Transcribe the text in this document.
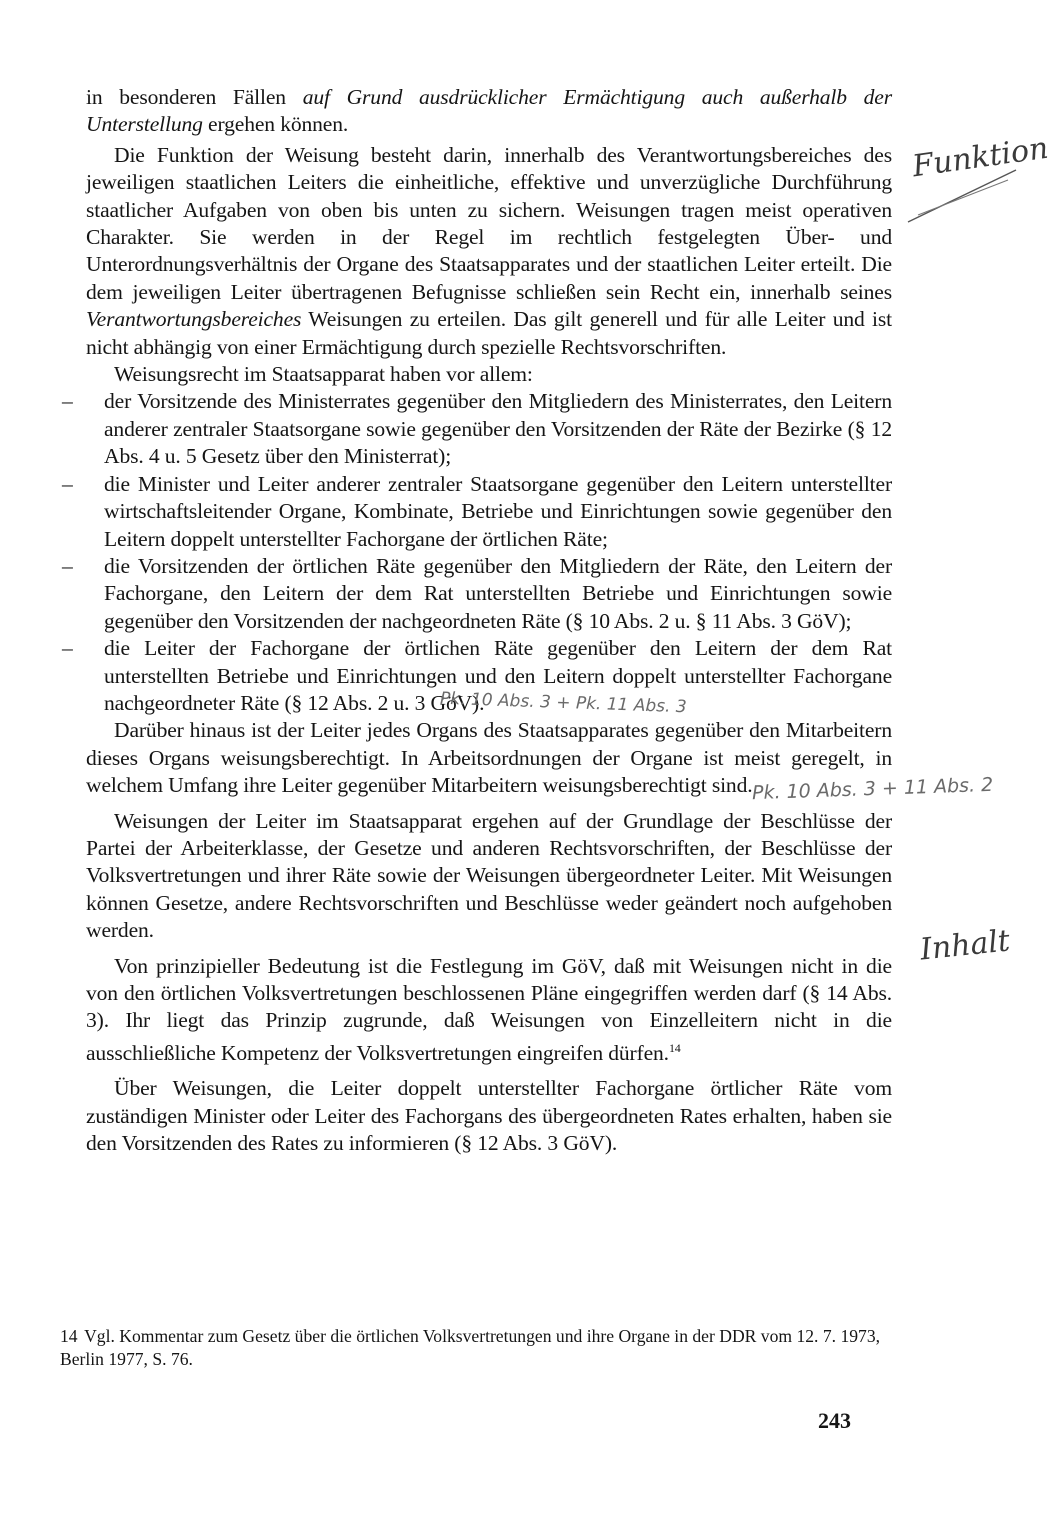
in besonderen Fällen auf Grund ausdrücklicher Ermächtigung auch außerhalb der Unterstellung ergehen können.

Die Funktion der Weisung besteht darin, innerhalb des Verantwortungsbereiches des jeweiligen staatlichen Leiters die einheitliche, effektive und unverzügliche Durchführung staatlicher Aufgaben von oben bis unten zu sichern. Weisungen tragen meist operativen Charakter. Sie werden in der Regel im rechtlich festgelegten Über- und Unterordnungsverhältnis der Organe des Staatsapparates und der staatlichen Leiter erteilt. Die dem jeweiligen Leiter übertragenen Befugnisse schließen sein Recht ein, innerhalb seines Verantwortungsbereiches Weisungen zu erteilen. Das gilt generell und für alle Leiter und ist nicht abhängig von einer Ermächtigung durch spezielle Rechtsvorschriften.

Weisungsrecht im Staatsapparat haben vor allem:

– der Vorsitzende des Ministerrates gegenüber den Mitgliedern des Ministerrates, den Leitern anderer zentraler Staatsorgane sowie gegenüber den Vorsitzenden der Räte der Bezirke (§ 12 Abs. 4 u. 5 Gesetz über den Ministerrat);
– die Minister und Leiter anderer zentraler Staatsorgane gegenüber den Leitern unterstellter wirtschaftsleitender Organe, Kombinate, Betriebe und Einrichtungen sowie gegenüber den Leitern doppelt unterstellter Fachorgane der örtlichen Räte;
– die Vorsitzenden der örtlichen Räte gegenüber den Mitgliedern der Räte, den Leitern der Fachorgane, den Leitern der dem Rat unterstellten Betriebe und Einrichtungen sowie gegenüber den Vorsitzenden der nachgeordneten Räte (§ 10 Abs. 2 u. § 11 Abs. 3 GöV);
– die Leiter der Fachorgane der örtlichen Räte gegenüber den Leitern der dem Rat unterstellten Betriebe und Einrichtungen und den Leitern doppelt unterstellter Fachorgane nachgeordneter Räte (§ 12 Abs. 2 u. 3 GöV).

Darüber hinaus ist der Leiter jedes Organs des Staatsapparates gegenüber den Mitarbeitern dieses Organs weisungsberechtigt. In Arbeitsordnungen der Organe ist meist geregelt, in welchem Umfang ihre Leiter gegenüber Mitarbeitern weisungsberechtigt sind.

Weisungen der Leiter im Staatsapparat ergehen auf der Grundlage der Beschlüsse der Partei der Arbeiterklasse, der Gesetze und anderen Rechtsvorschriften, der Beschlüsse der Volksvertretungen und ihrer Räte sowie der Weisungen übergeordneter Leiter. Mit Weisungen können Gesetze, andere Rechtsvorschriften und Beschlüsse weder geändert noch aufgehoben werden.

Von prinzipieller Bedeutung ist die Festlegung im GöV, daß mit Weisungen nicht in die von den örtlichen Volksvertretungen beschlossenen Pläne eingegriffen werden darf (§ 14 Abs. 3). Ihr liegt das Prinzip zugrunde, daß Weisungen von Einzelleitern nicht in die ausschließliche Kompetenz der Volksvertretungen eingreifen dürfen.$^{14}$

Über Weisungen, die Leiter doppelt unterstellter Fachorgane örtlicher Räte vom zuständigen Minister oder Leiter des Fachorgans des übergeordneten Rates erhalten, haben sie den Vorsitzenden des Rates zu informieren (§ 12 Abs. 3 GöV).

Funktion
Inhalt
Pk. 10 Abs. 3 + Pk. 11 Abs. 3
Pk. 10 Abs. 3 + 11 Abs. 2
14 Vgl. Kommentar zum Gesetz über die örtlichen Volksvertretungen und ihre Organe in der DDR vom 12. 7. 1973, Berlin 1977, S. 76.
243
